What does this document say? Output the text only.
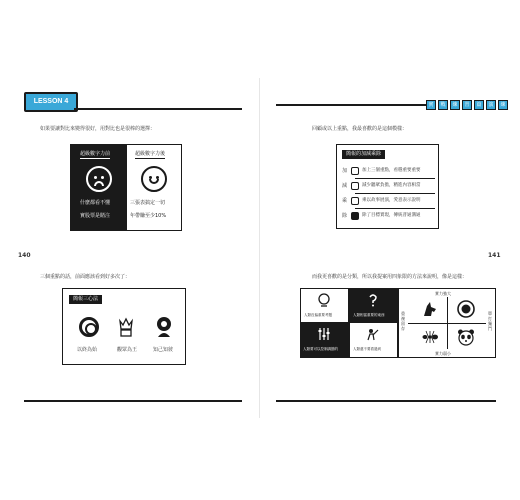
LESSON 4
如果要讓對比來變得很好，用對比也是很棒的選擇：
超級數字力前
什麼都看不懂
實股票是賭注
超級數字力後
三張表搞定一切
年帶賺至少10%
140
三個重點的話，前面應該看到好多次了：
簡報三心法
以終為始	觀眾為王	知己知彼
實	戰	練	習	篇	演	練
回顧或以上重點，我最喜歡的是這個模樣：
簡報的加減乘除
加	加上三個重點，看穩重要重要
減	減少聽眾負擔，精進內容相當
乘	乘以故事展演，愛意表示說明
除	除了目標實現，傳統普通溝通
141
而我更喜歡的是分類，所以我提案用四象限的方法來說明，像是這樣：
人類沒偏重要考題	人類相當重要的東西
人類要可以控制調節的	人類還不要看過到
實力強大
實力弱小
重複留存
單打獨鬥
